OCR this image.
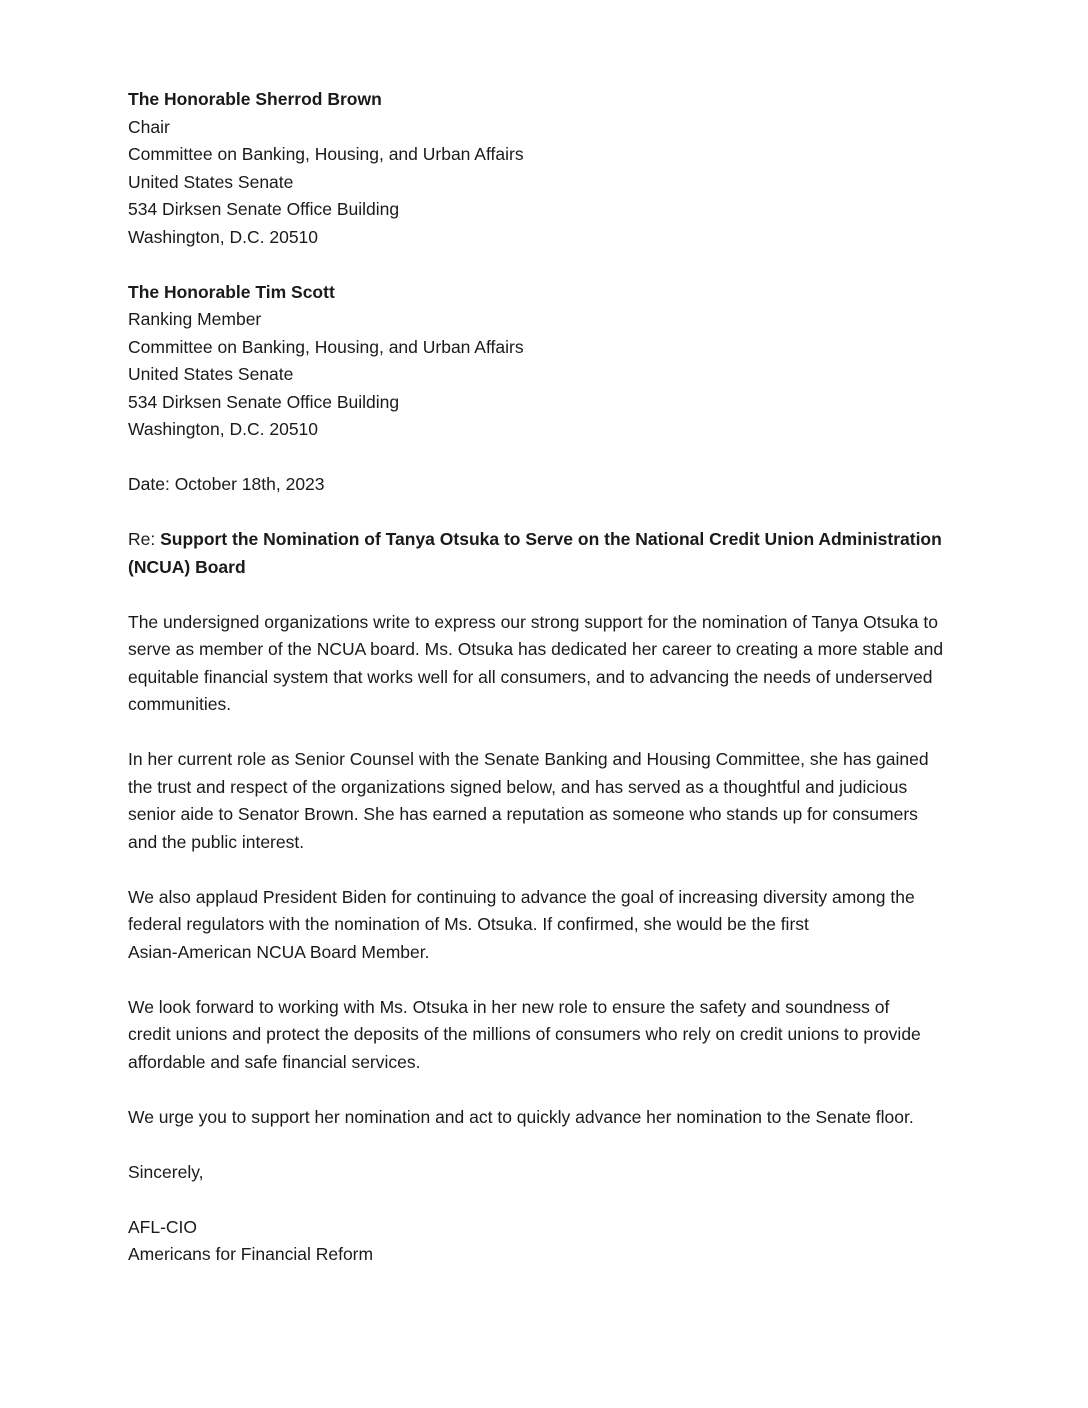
The Honorable Sherrod Brown
Chair
Committee on Banking, Housing, and Urban Affairs
United States Senate
534 Dirksen Senate Office Building
Washington, D.C. 20510
The Honorable Tim Scott
Ranking Member
Committee on Banking, Housing, and Urban Affairs
United States Senate
534 Dirksen Senate Office Building
Washington, D.C. 20510
Date: October 18th, 2023
Re: Support the Nomination of Tanya Otsuka to Serve on the National Credit Union Administration
(NCUA) Board
The undersigned organizations write to express our strong support for the nomination of Tanya Otsuka to
serve as member of the NCUA board. Ms. Otsuka has dedicated her career to creating a more stable and
equitable financial system that works well for all consumers, and to advancing the needs of underserved
communities.
In her current role as Senior Counsel with the Senate Banking and Housing Committee, she has gained
the trust and respect of the organizations signed below, and has served as a thoughtful and judicious
senior aide to Senator Brown. She has earned a reputation as someone who stands up for consumers
and the public interest.
We also applaud President Biden for continuing to advance the goal of increasing diversity among the
federal regulators with the nomination of Ms. Otsuka. If confirmed, she would be the first
Asian-American NCUA Board Member.
We look forward to working with Ms. Otsuka in her new role to ensure the safety and soundness of
credit unions and protect the deposits of the millions of consumers who rely on credit unions to provide
affordable and safe financial services.
We urge you to support her nomination and act to quickly advance her nomination to the Senate floor.
Sincerely,
AFL-CIO
Americans for Financial Reform
